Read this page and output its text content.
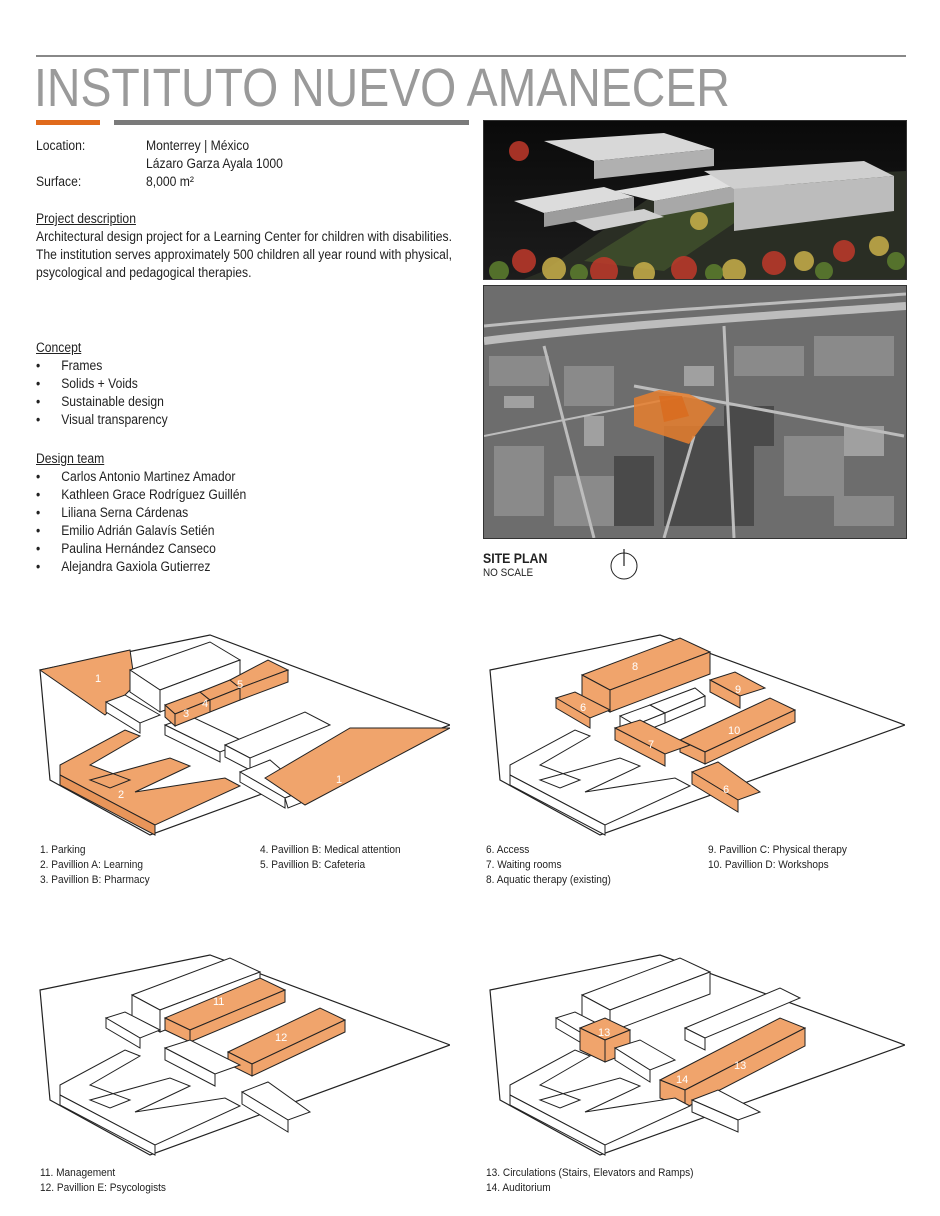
INSTITUTO NUEVO AMANECER
Location:	Monterrey | México
Lázaro Garza Ayala 1000
Surface:	8,000 m²
Project description
Architectural design project for a Learning Center for children with disabilities.
The institution serves approximately 500 children all year round with physical,
psycological and pedagogical therapies.
Concept
•	Frames
•	Solids + Voids
•	Sustainable design
•	Visual transparency
Design team
•	Carlos Antonio Martinez Amador
•	Kathleen Grace Rodríguez Guillén
•	Liliana Serna Cárdenas
•	Emilio Adrián Galavís Setién
•	Paulina Hernández Canseco
•	Alejandra Gaxiola Gutierrez
SITE PLAN
NO SCALE
1
2
3
4
5
1
1. Parking
2. Pavillion A: Learning
3. Pavillion B: Pharmacy
4. Pavillion B: Medical attention
5. Pavillion B: Cafeteria
8
6
7
9
10
6
6. Access
7. Waiting rooms
8. Aquatic therapy (existing)
9. Pavillion C: Physical therapy
10. Pavillion D: Workshops
11
12
11. Management
12. Pavillion E: Psycologists
13
14
13
13. Circulations (Stairs, Elevators and Ramps)
14. Auditorium
